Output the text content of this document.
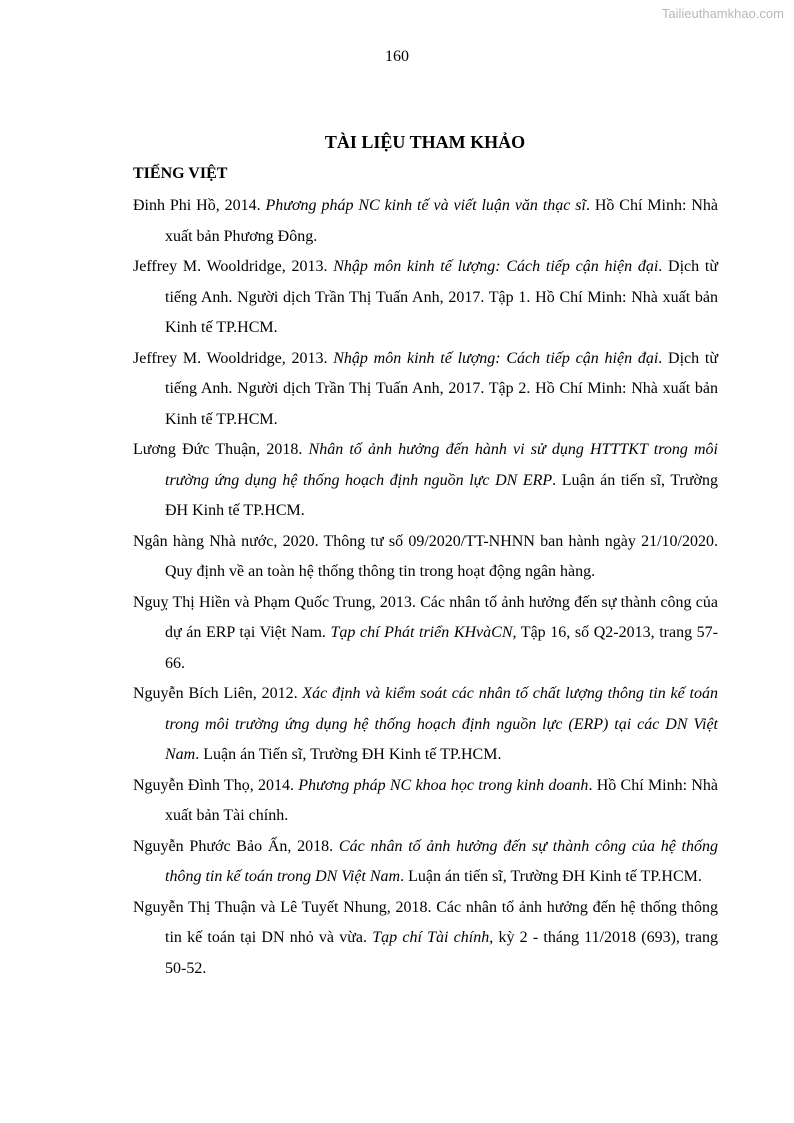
Tailieuthamkhao.com
160
TÀI LIỆU THAM KHẢO
TIẾNG VIỆT

Đinh Phi Hồ, 2014. Phương pháp NC kinh tế và viết luận văn thạc sĩ. Hồ Chí Minh: Nhà xuất bản Phương Đông.

Jeffrey M. Wooldridge, 2013. Nhập môn kinh tế lượng: Cách tiếp cận hiện đại. Dịch từ tiếng Anh. Người dịch Trần Thị Tuấn Anh, 2017. Tập 1. Hồ Chí Minh: Nhà xuất bản Kinh tế TP.HCM.

Jeffrey M. Wooldridge, 2013. Nhập môn kinh tế lượng: Cách tiếp cận hiện đại. Dịch từ tiếng Anh. Người dịch Trần Thị Tuấn Anh, 2017. Tập 2. Hồ Chí Minh: Nhà xuất bản Kinh tế TP.HCM.

Lương Đức Thuận, 2018. Nhân tố ảnh hưởng đến hành vi sử dụng HTTTKT trong môi trường ứng dụng hệ thống hoạch định nguồn lực DN ERP. Luận án tiến sĩ, Trường ĐH Kinh tế TP.HCM.

Ngân hàng Nhà nước, 2020. Thông tư số 09/2020/TT-NHNN ban hành ngày 21/10/2020. Quy định về an toàn hệ thống thông tin trong hoạt động ngân hàng.

Nguỵ Thị Hiền và Phạm Quốc Trung, 2013. Các nhân tố ảnh hưởng đến sự thành công của dự án ERP tại Việt Nam. Tạp chí Phát triển KHvàCN, Tập 16, số Q2-2013, trang 57-66.

Nguyễn Bích Liên, 2012. Xác định và kiểm soát các nhân tố chất lượng thông tin kế toán trong môi trường ứng dụng hệ thống hoạch định nguồn lực (ERP) tại các DN Việt Nam. Luận án Tiến sĩ, Trường ĐH Kinh tế TP.HCM.

Nguyễn Đình Thọ, 2014. Phương pháp NC khoa học trong kinh doanh. Hồ Chí Minh: Nhà xuất bản Tài chính.

Nguyễn Phước Bảo Ấn, 2018. Các nhân tố ảnh hưởng đến sự thành công của hệ thống thông tin kế toán trong DN Việt Nam. Luận án tiến sĩ, Trường ĐH Kinh tế TP.HCM.

Nguyễn Thị Thuận và Lê Tuyết Nhung, 2018. Các nhân tố ảnh hưởng đến hệ thống thông tin kế toán tại DN nhỏ và vừa. Tạp chí Tài chính, kỳ 2 - tháng 11/2018 (693), trang 50-52.
